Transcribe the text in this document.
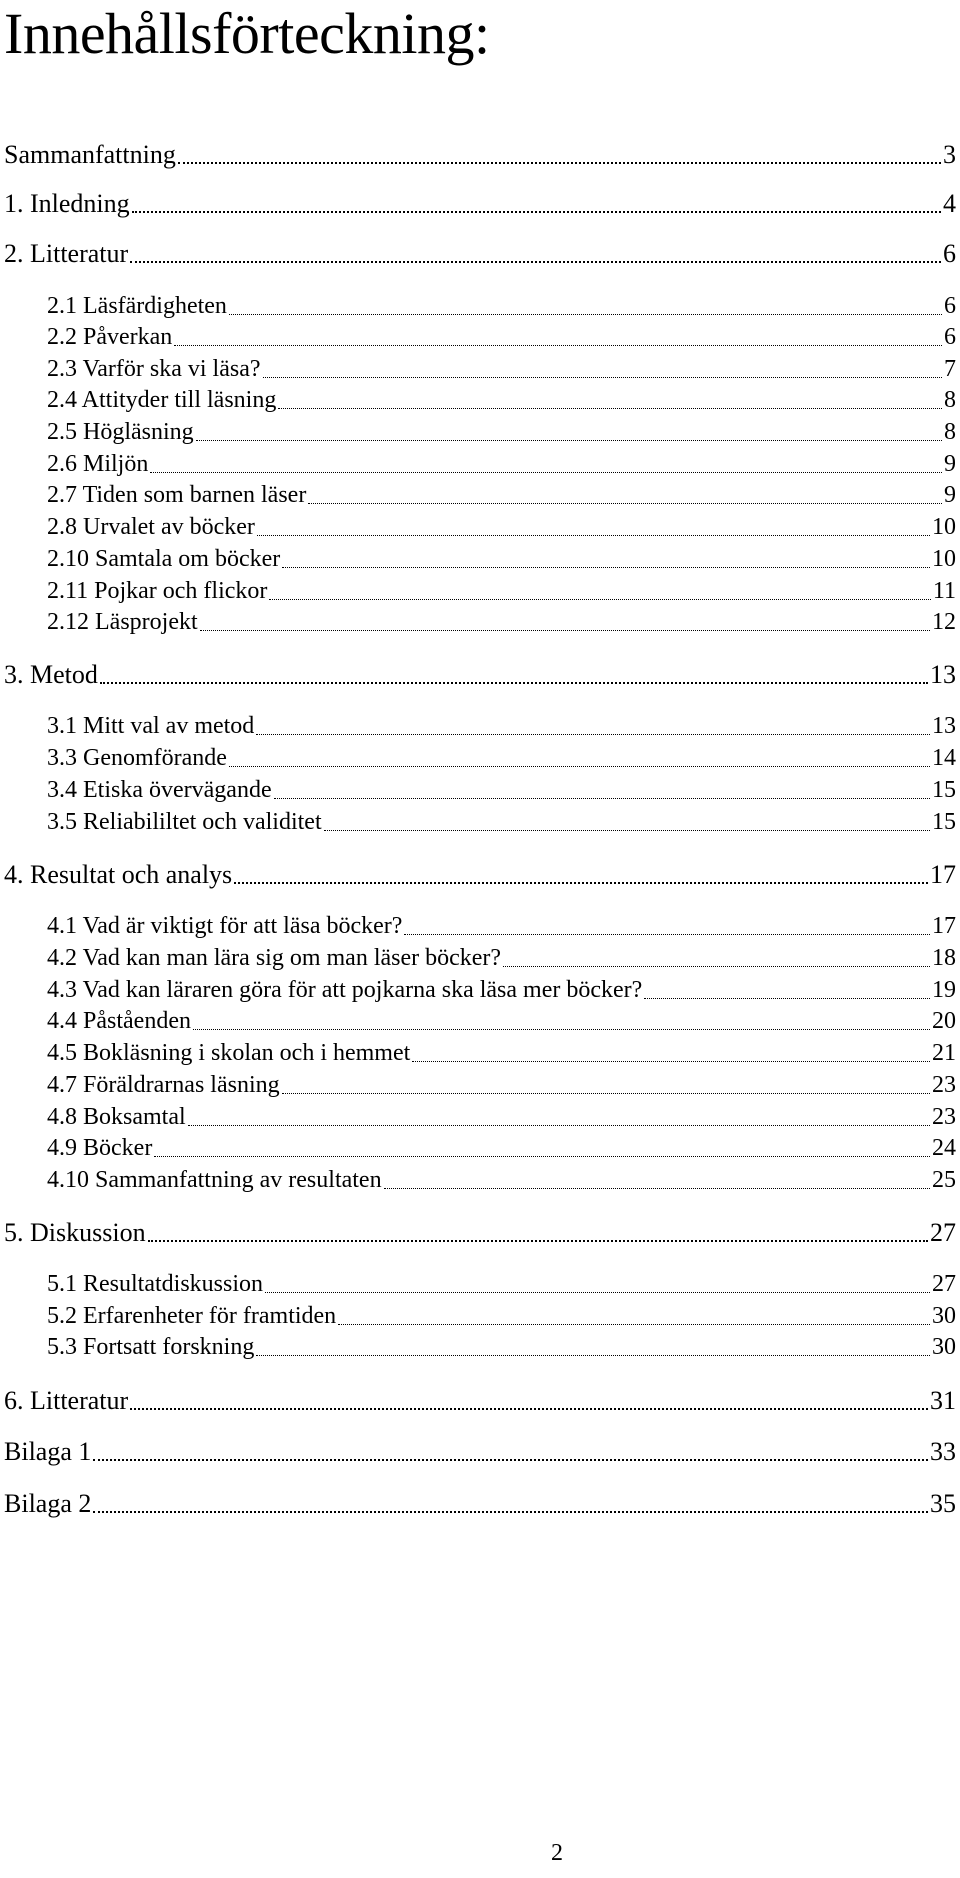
Innehållsförteckning:
Sammanfattning	3
1. Inledning	4
2. Litteratur	6
2.1 Läsfärdigheten	6
2.2 Påverkan	6
2.3 Varför ska vi läsa?	7
2.4 Attityder till läsning	8
2.5 Högläsning	8
2.6 Miljön	9
2.7 Tiden som barnen läser	9
2.8 Urvalet av böcker	10
2.10 Samtala om böcker	10
2.11 Pojkar och flickor	11
2.12 Läsprojekt	12
3. Metod	13
3.1 Mitt val av metod	13
3.3 Genomförande	14
3.4 Etiska övervägande	15
3.5 Reliabililtet och validitet	15
4. Resultat och analys	17
4.1 Vad är viktigt för att läsa böcker?	17
4.2 Vad kan man lära sig om man läser böcker?	18
4.3 Vad kan läraren göra för att pojkarna ska läsa mer böcker?	19
4.4 Påståenden	20
4.5 Bokläsning i skolan och i hemmet	21
4.7 Föräldrarnas läsning	23
4.8 Boksamtal	23
4.9 Böcker	24
4.10 Sammanfattning av resultaten	25
5. Diskussion	27
5.1 Resultatdiskussion	27
5.2 Erfarenheter för framtiden	30
5.3 Fortsatt forskning	30
6. Litteratur	31
Bilaga 1	33
Bilaga 2	35
2
